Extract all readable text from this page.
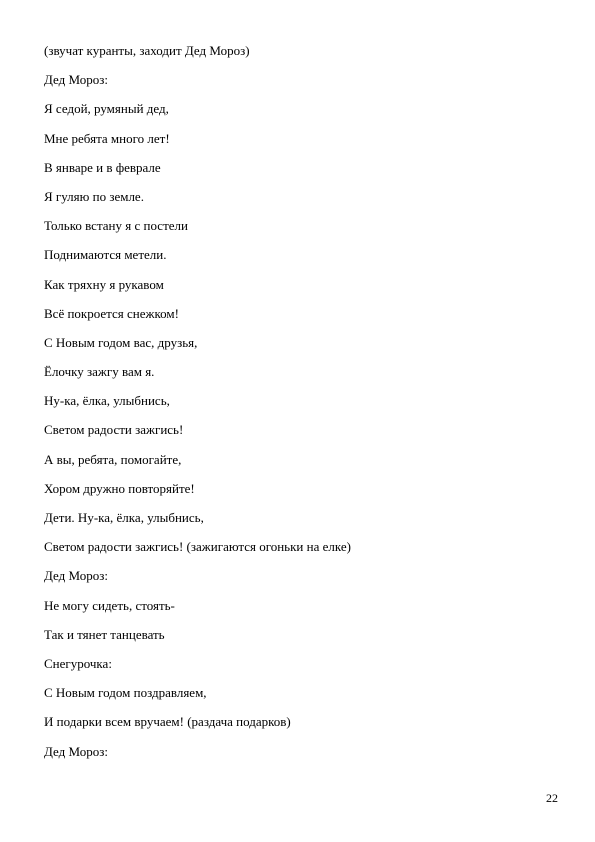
(звучат куранты, заходит Дед Мороз)
Дед Мороз:
Я седой, румяный дед,
Мне ребята много лет!
В январе и в феврале
Я гуляю по земле.
Только встану я с постели
Поднимаются метели.
Как тряхну я рукавом
Всё покроется снежком!
С Новым годом вас, друзья,
Ёлочку зажгу вам я.
Ну-ка, ёлка, улыбнись,
Светом радости зажгись!
А вы, ребята, помогайте,
Хором дружно повторяйте!
Дети. Ну-ка, ёлка, улыбнись,
Светом радости зажгись! (зажигаются огоньки на елке)
Дед Мороз:
Не могу сидеть, стоять-
Так и тянет танцевать
Снегурочка:
С Новым годом поздравляем,
И подарки всем вручаем! (раздача подарков)
Дед Мороз:
22
